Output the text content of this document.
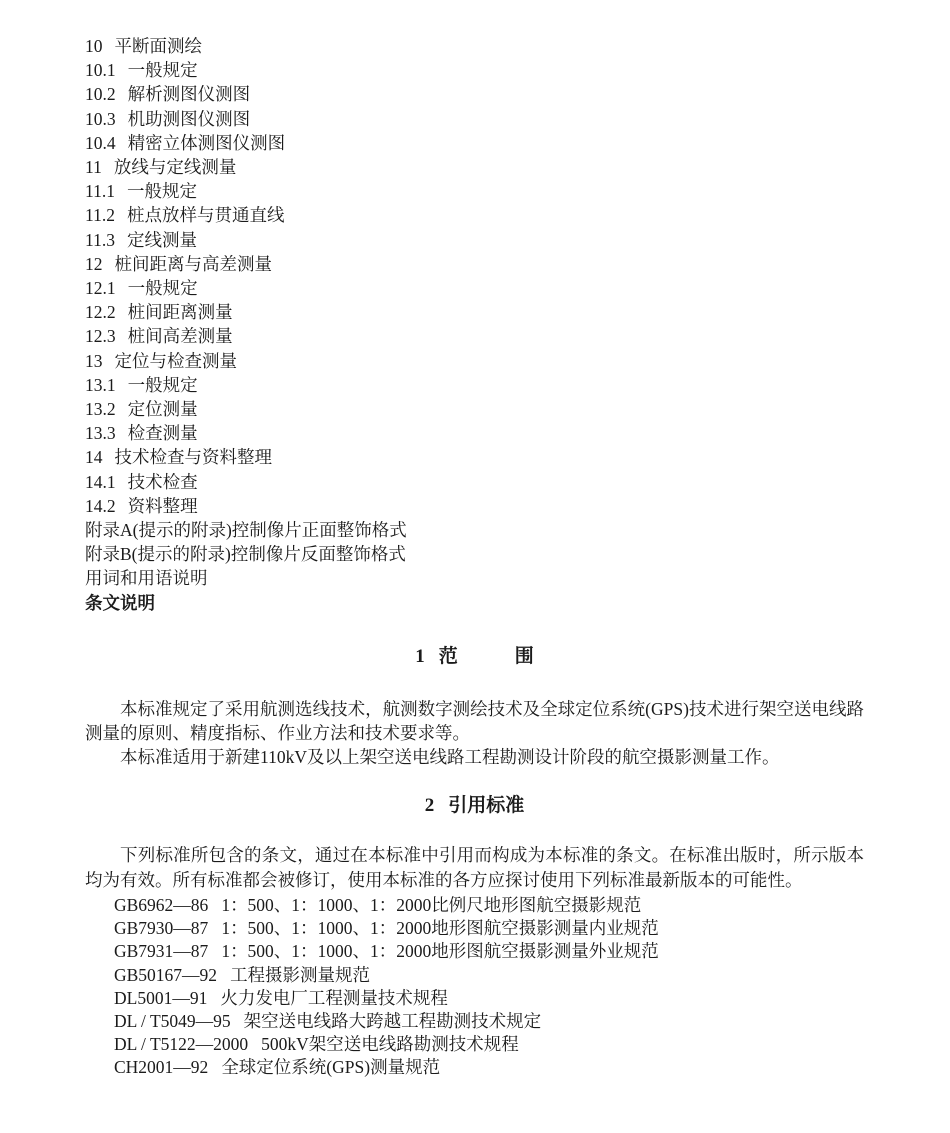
10 平断面测绘
10.1 一般规定
10.2 解析测图仪测图
10.3 机助测图仪测图
10.4 精密立体测图仪测图
11 放线与定线测量
11.1 一般规定
11.2 桩点放样与贯通直线
11.3 定线测量
12 桩间距离与高差测量
12.1 一般规定
12.2 桩间距离测量
12.3 桩间高差测量
13 定位与检查测量
13.1 一般规定
13.2 定位测量
13.3 检查测量
14 技术检查与资料整理
14.1 技术检查
14.2 资料整理
附录A(提示的附录)控制像片正面整饰格式
附录B(提示的附录)控制像片反面整饰格式
用词和用语说明
条文说明
1 范　　　围

本标准规定了采用航测选线技术，航测数字测绘技术及全球定位系统(GPS)技术进行架空送电线路测量的原则、精度指标、作业方法和技术要求等。

本标准适用于新建110kV及以上架空送电线路工程勘测设计阶段的航空摄影测量工作。

2 引用标准

下列标准所包含的条文，通过在本标准中引用而构成为本标准的条文。在标准出版时，所示版本均为有效。所有标准都会被修订，使用本标准的各方应探讨使用下列标准最新版本的可能性。

GB6962—86 1：500、1：1000、1：2000比例尺地形图航空摄影规范
GB7930—87 1：500、1：1000、1：2000地形图航空摄影测量内业规范
GB7931—87 1：500、1：1000、1：2000地形图航空摄影测量外业规范
GB50167—92 工程摄影测量规范
DL5001—91 火力发电厂工程测量技术规程
DL / T5049—95 架空送电线路大跨越工程勘测技术规定
DL / T5122—2000 500kV架空送电线路勘测技术规程
CH2001—92 全球定位系统(GPS)测量规范
